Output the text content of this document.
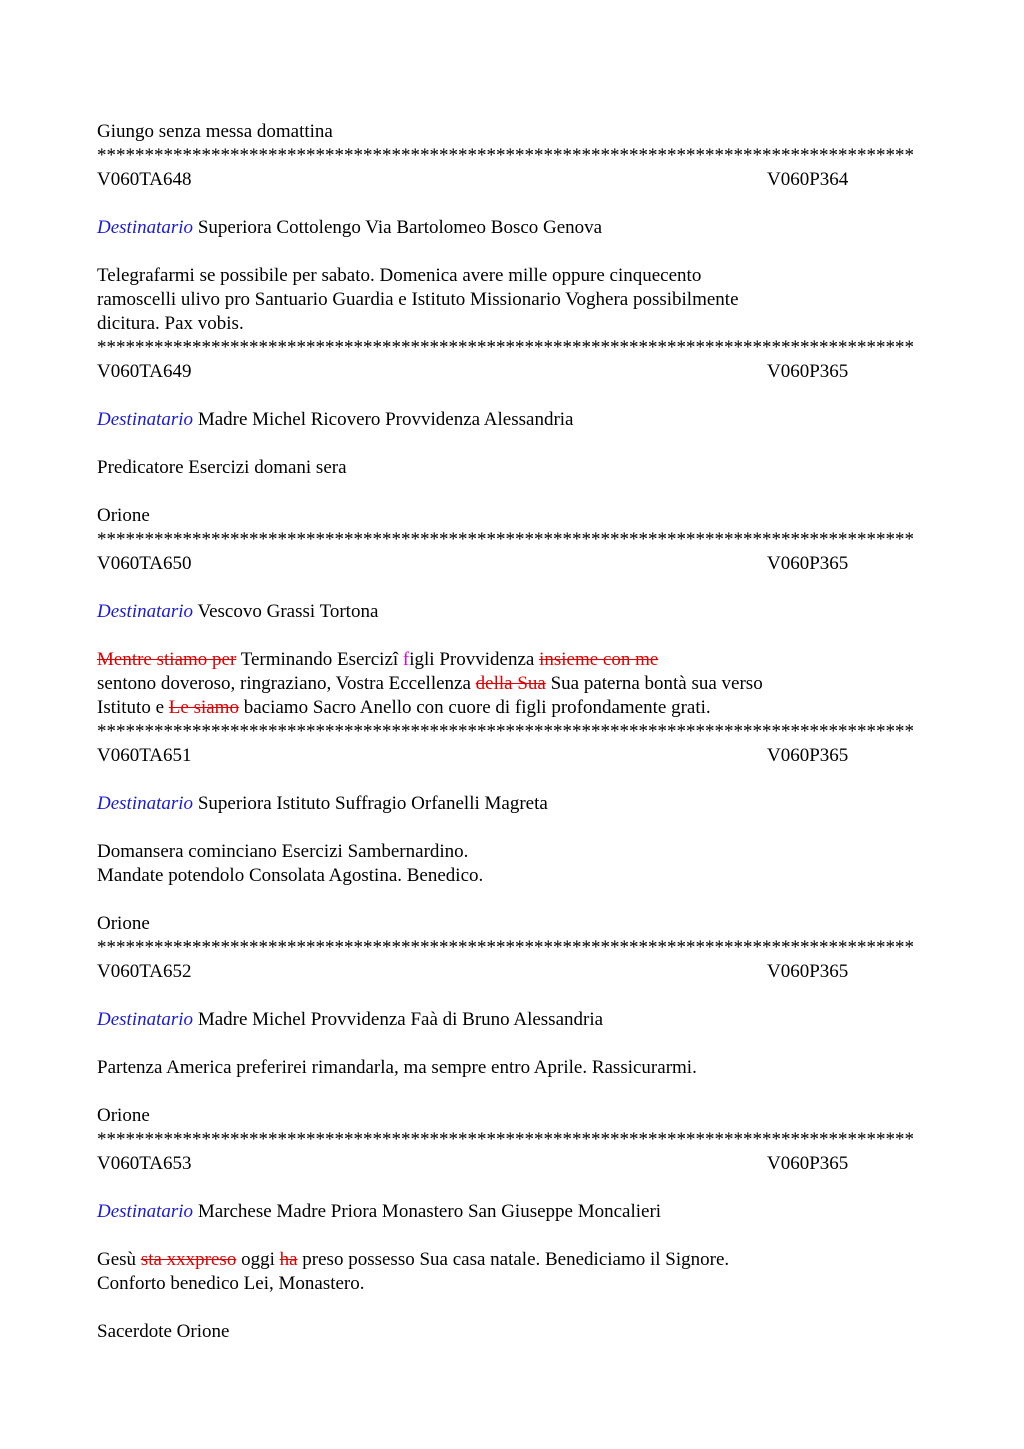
Giungo senza messa domattina
**************************************************************************************
V060TA648	V060P364
Destinatario Superiora Cottolengo Via Bartolomeo Bosco Genova
Telegrafarmi se possibile per sabato. Domenica avere mille oppure cinquecento
ramoscelli ulivo pro Santuario Guardia e Istituto Missionario Voghera possibilmente
dicitura. Pax vobis.
**************************************************************************************
V060TA649	V060P365
Destinatario Madre Michel Ricovero Provvidenza Alessandria
Predicatore Esercizi domani sera
Orione
**************************************************************************************
V060TA650	V060P365
Destinatario Vescovo Grassi Tortona
Mentre stiamo per Terminando Esercizî figli Provvidenza insieme con me
sentono doveroso, ringraziano, Vostra Eccellenza della Sua Sua paterna bontà sua verso
Istituto e Le siamo baciamo Sacro Anello con cuore di figli profondamente grati.
**************************************************************************************
V060TA651	V060P365
Destinatario Superiora Istituto Suffragio Orfanelli Magreta
Domansera cominciano Esercizi Sambernardino.
Mandate potendolo Consolata Agostina. Benedico.
Orione
**************************************************************************************
V060TA652	V060P365
Destinatario Madre Michel Provvidenza Faà di Bruno Alessandria
Partenza America preferirei rimandarla, ma sempre entro Aprile. Rassicurarmi.
Orione
**************************************************************************************
V060TA653	V060P365
Destinatario Marchese Madre Priora Monastero San Giuseppe Moncalieri
Gesù sta xxxpreso oggi ha preso possesso Sua casa natale. Benediciamo il Signore.
Conforto benedico Lei, Monastero.
Sacerdote Orione
